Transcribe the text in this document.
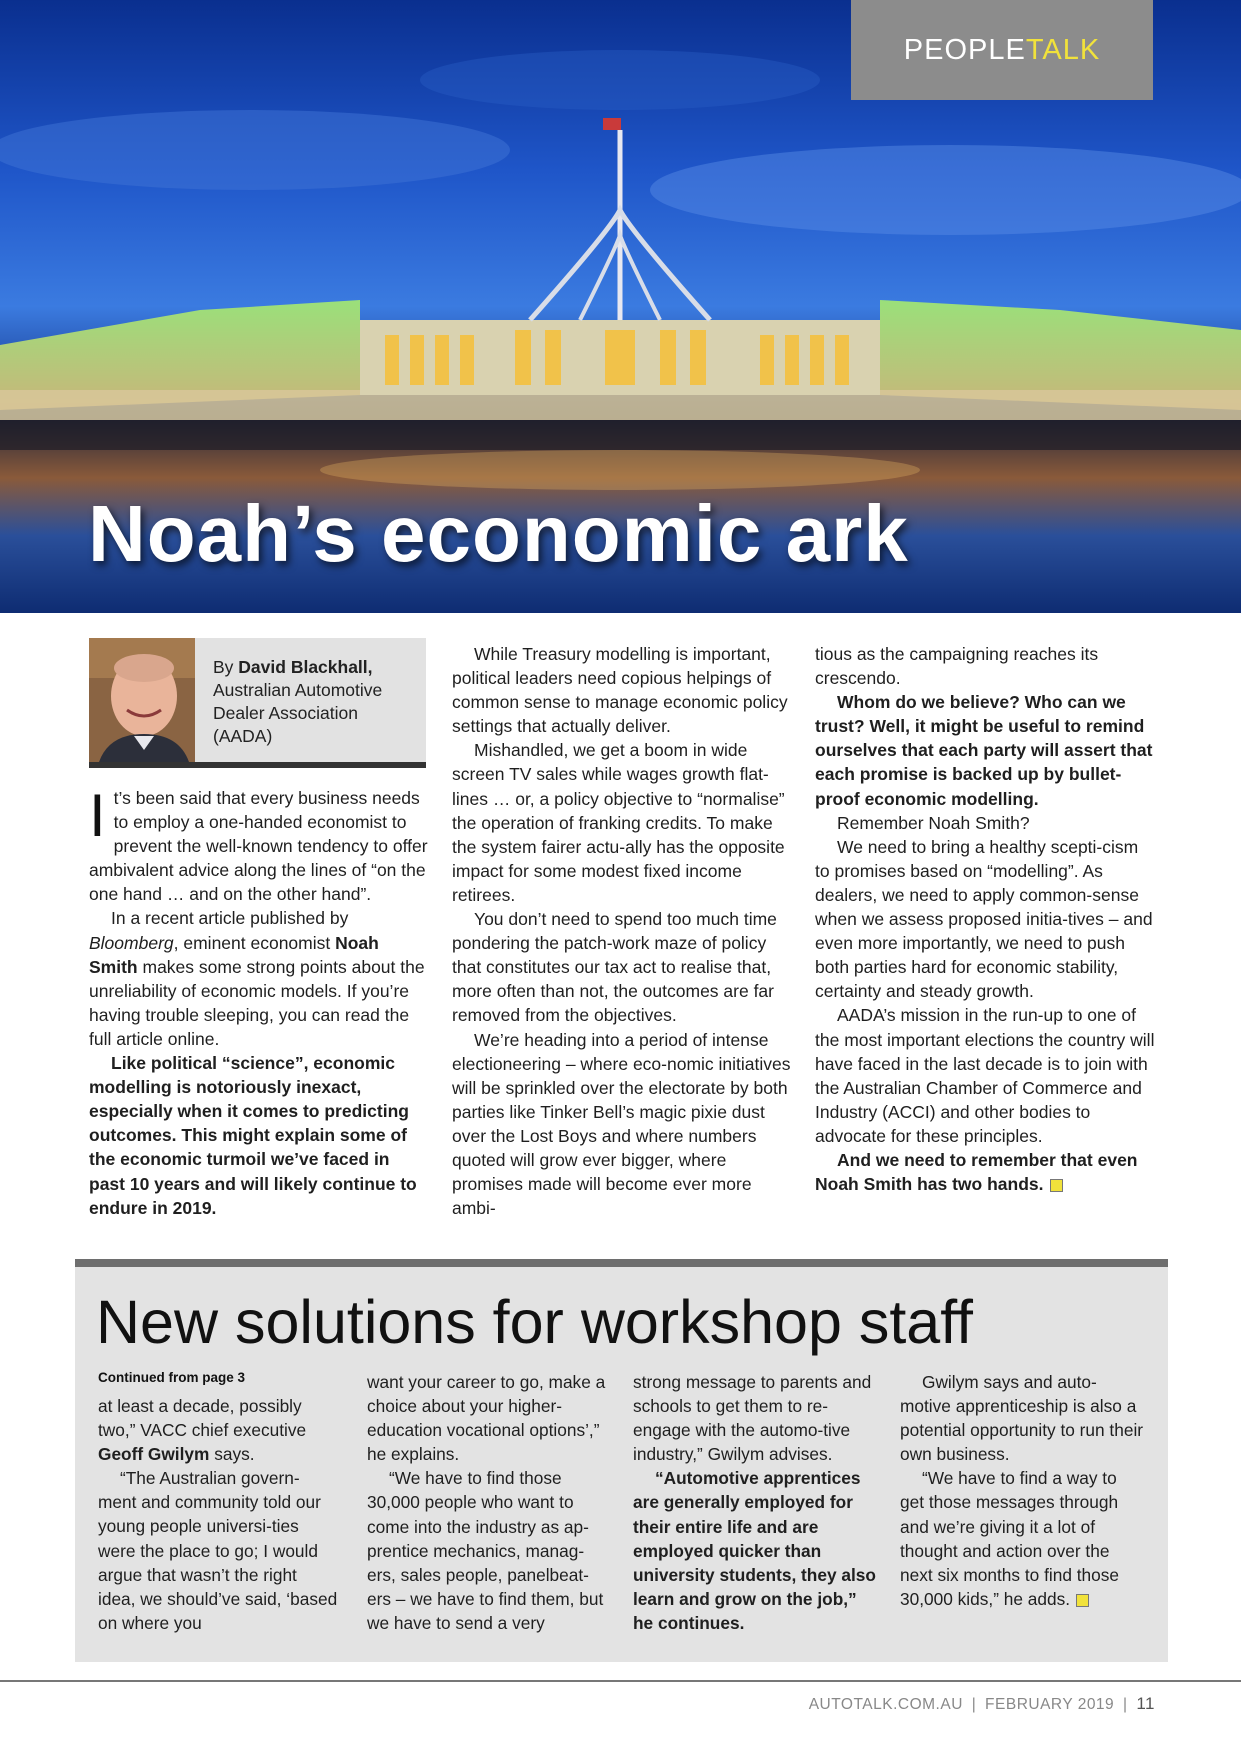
PEOPLE TALK
Noah’s economic ark
By David Blackhall,
Australian Automotive Dealer Association (AADA)

It’s been said that every business needs to employ a one-handed economist to prevent the well-known tendency to offer ambivalent advice along the lines of “on the one hand … and on the other hand”.

In a recent article published by Bloomberg, eminent economist Noah Smith makes some strong points about the unreliability of economic models. If you’re having trouble sleeping, you can read the full article online.

Like political “science”, economic modelling is notoriously inexact, especially when it comes to predicting outcomes. This might explain some of the economic turmoil we’ve faced in past 10 years and will likely continue to endure in 2019.

While Treasury modelling is important, political leaders need copious helpings of common sense to manage economic policy settings that actually deliver.

Mishandled, we get a boom in wide screen TV sales while wages growth flat-lines … or, a policy objective to “normalise” the operation of franking credits. To make the system fairer actu-ally has the opposite impact for some modest fixed income retirees.

You don’t need to spend too much time pondering the patch-work maze of policy that constitutes our tax act to realise that, more often than not, the outcomes are far removed from the objectives.

We’re heading into a period of intense electioneering – where eco-nomic initiatives will be sprinkled over the electorate by both parties like Tinker Bell’s magic pixie dust over the Lost Boys and where numbers quoted will grow ever bigger, where promises made will become ever more ambi-

tious as the campaigning reaches its crescendo.

Whom do we believe? Who can we trust? Well, it might be useful to remind ourselves that each party will assert that each promise is backed up by bullet-proof economic modelling.

Remember Noah Smith?

We need to bring a healthy scepti-cism to promises based on “modelling”. As dealers, we need to apply common-sense when we assess proposed initia-tives – and even more importantly, we need to push both parties hard for economic stability, certainty and steady growth.

AADA’s mission in the run-up to one of the most important elections the country will have faced in the last decade is to join with the Australian Chamber of Commerce and Industry (ACCI) and other bodies to advocate for these principles.

And we need to remember that even Noah Smith has two hands.

New solutions for workshop staff
Continued from page 3

at least a decade, possibly two,” VACC chief executive Geoff Gwilym says.

“The Australian govern-ment and community told our young people universi-ties were the place to go; I would argue that wasn’t the right idea, we should’ve said, ‘based on where you

want your career to go, make a choice about your higher-education vocational options’,” he explains.

“We have to find those 30,000 people who want to come into the industry as ap-prentice mechanics, manag-ers, sales people, panelbeat-ers – we have to find them, but we have to send a very

strong message to parents and schools to get them to re-engage with the automo-tive industry,” Gwilym advises.

“Automotive apprentices are generally employed for their entire life and are employed quicker than university students, they also learn and grow on the job,” he continues.

Gwilym says and auto-motive apprenticeship is also a potential opportunity to run their own business.

“We have to find a way to get those messages through and we’re giving it a lot of thought and action over the next six months to find those 30,000 kids,” he adds.

AUTOTALK.COM.AU | FEBRUARY 2019 | 11
